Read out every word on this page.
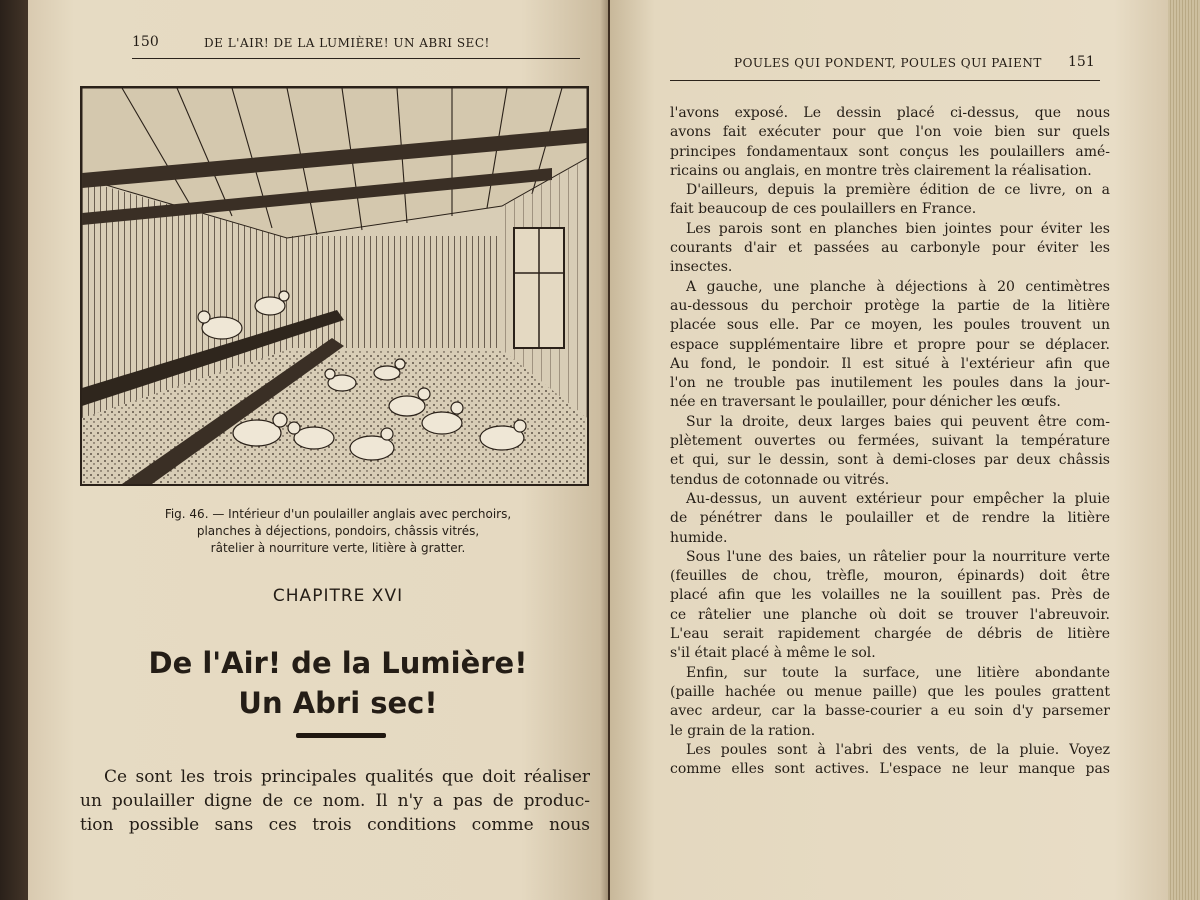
150	DE L'AIR! DE LA LUMIÈRE! UN ABRI SEC!
Fig. 46. — Intérieur d'un poulailler anglais avec perchoirs,
planches à déjections, pondoirs, châssis vitrés,
râtelier à nourriture verte, litière à gratter.
CHAPITRE XVI
De l'Air! de la Lumière!
Un Abri sec!
Ce sont les trois principales qualités que doit réaliser
un poulailler digne de ce nom. Il n'y a pas de produc-
tion possible sans ces trois conditions comme nous
POULES QUI PONDENT, POULES QUI PAIENT 151
l'avons exposé. Le dessin placé ci-dessus, que nous
avons fait exécuter pour que l'on voie bien sur quels
principes fondamentaux sont conçus les poulaillers amé-
ricains ou anglais, en montre très clairement la réalisation.
D'ailleurs, depuis la première édition de ce livre, on a
fait beaucoup de ces poulaillers en France.
Les parois sont en planches bien jointes pour éviter les
courants d'air et passées au carbonyle pour éviter les
insectes.
A gauche, une planche à déjections à 20 centimètres
au-dessous du perchoir protège la partie de la litière
placée sous elle. Par ce moyen, les poules trouvent un
espace supplémentaire libre et propre pour se déplacer.
Au fond, le pondoir. Il est situé à l'extérieur afin que
l'on ne trouble pas inutilement les poules dans la jour-
née en traversant le poulailler, pour dénicher les œufs.
Sur la droite, deux larges baies qui peuvent être com-
plètement ouvertes ou fermées, suivant la température
et qui, sur le dessin, sont à demi-closes par deux châssis
tendus de cotonnade ou vitrés.
Au-dessus, un auvent extérieur pour empêcher la pluie
de pénétrer dans le poulailler et de rendre la litière
humide.
Sous l'une des baies, un râtelier pour la nourriture verte
(feuilles de chou, trèfle, mouron, épinards) doit être
placé afin que les volailles ne la souillent pas. Près de
ce râtelier une planche où doit se trouver l'abreuvoir.
L'eau serait rapidement chargée de débris de litière
s'il était placé à même le sol.
Enfin, sur toute la surface, une litière abondante
(paille hachée ou menue paille) que les poules grattent
avec ardeur, car la basse-courier a eu soin d'y parsemer
le grain de la ration.
Les poules sont à l'abri des vents, de la pluie. Voyez
comme elles sont actives. L'espace ne leur manque pas
